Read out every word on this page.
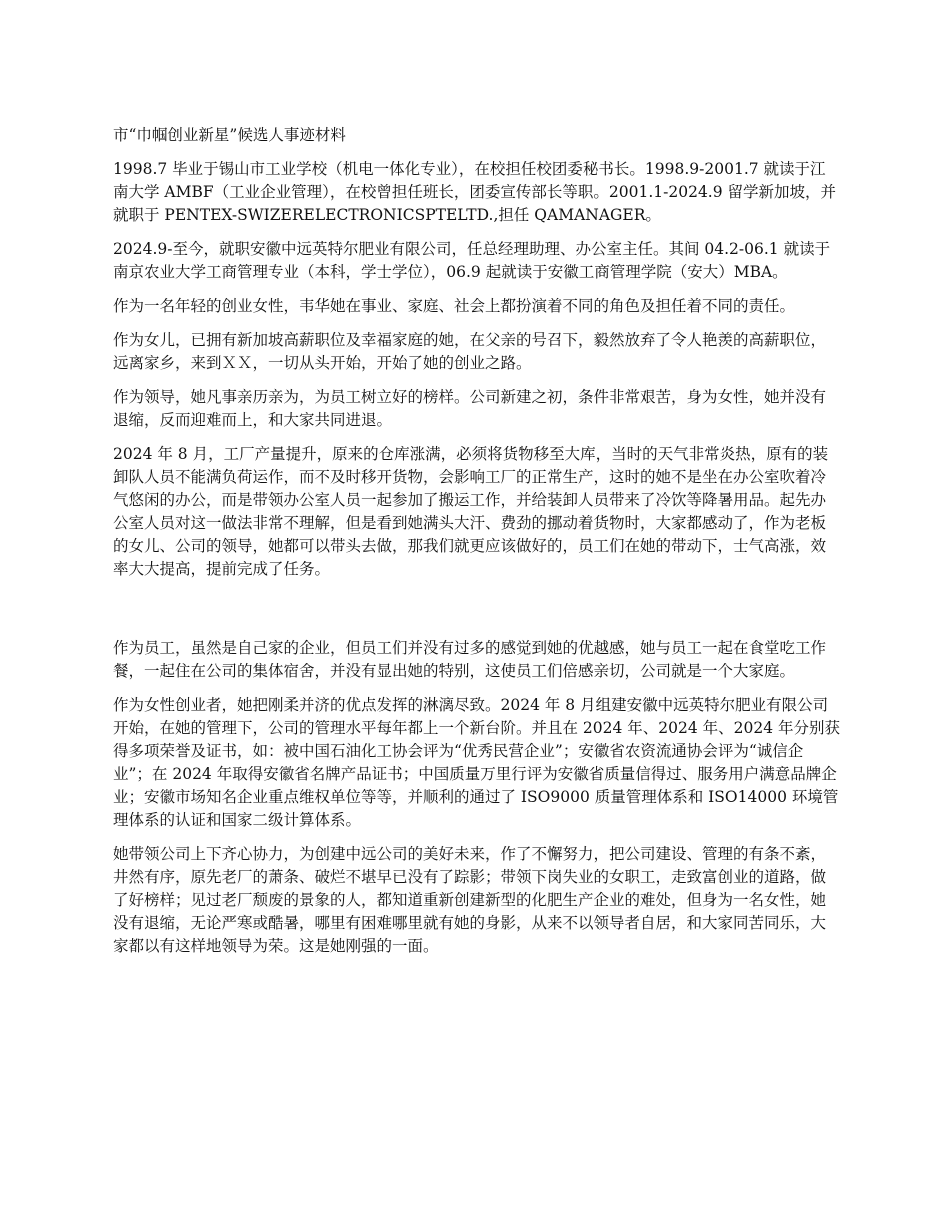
市“巾帼创业新星”候选人事迹材料

1998.7 毕业于锡山市工业学校（机电一体化专业），在校担任校团委秘书长。1998.9-2001.7 就读于江南大学 AMBF（工业企业管理），在校曾担任班长，团委宣传部长等职。2001.1-2024.9 留学新加坡，并就职于 PENTEX-SWIZERELECTRONICSPTELTD.,担任 QAMANAGER。

2024.9-至今，就职安徽中远英特尔肥业有限公司，任总经理助理、办公室主任。其间 04.2-06.1 就读于南京农业大学工商管理专业（本科，学士学位），06.9 起就读于安徽工商管理学院（安大）MBA。

作为一名年轻的创业女性，韦华她在事业、家庭、社会上都扮演着不同的角色及担任着不同的责任。

作为女儿，已拥有新加坡高薪职位及幸福家庭的她，在父亲的号召下，毅然放弃了令人艳羡的高薪职位，远离家乡，来到ＸＸ，一切从头开始，开始了她的创业之路。

作为领导，她凡事亲历亲为，为员工树立好的榜样。公司新建之初，条件非常艰苦，身为女性，她并没有退缩，反而迎难而上，和大家共同进退。

2024 年 8 月，工厂产量提升，原来的仓库涨满，必须将货物移至大库，当时的天气非常炎热，原有的装卸队人员不能满负荷运作，而不及时移开货物，会影响工厂的正常生产，这时的她不是坐在办公室吹着冷气悠闲的办公，而是带领办公室人员一起参加了搬运工作，并给装卸人员带来了冷饮等降暑用品。起先办公室人员对这一做法非常不理解，但是看到她满头大汗、费劲的挪动着货物时，大家都感动了，作为老板的女儿、公司的领导，她都可以带头去做，那我们就更应该做好的，员工们在她的带动下，士气高涨，效率大大提高，提前完成了任务。

作为员工，虽然是自己家的企业，但员工们并没有过多的感觉到她的优越感，她与员工一起在食堂吃工作餐，一起住在公司的集体宿舍，并没有显出她的特别，这使员工们倍感亲切，公司就是一个大家庭。

作为女性创业者，她把刚柔并济的优点发挥的淋漓尽致。2024 年 8 月组建安徽中远英特尔肥业有限公司开始，在她的管理下，公司的管理水平每年都上一个新台阶。并且在 2024 年、2024 年、2024 年分别获得多项荣誉及证书，如：被中国石油化工协会评为“优秀民营企业”；安徽省农资流通协会评为“诚信企业”；在 2024 年取得安徽省名牌产品证书；中国质量万里行评为安徽省质量信得过、服务用户满意品牌企业；安徽市场知名企业重点维权单位等等，并顺利的通过了 ISO9000 质量管理体系和 ISO14000 环境管理体系的认证和国家二级计算体系。

她带领公司上下齐心协力，为创建中远公司的美好未来，作了不懈努力，把公司建设、管理的有条不紊，井然有序，原先老厂的萧条、破烂不堪早已没有了踪影；带领下岗失业的女职工，走致富创业的道路，做了好榜样；见过老厂颓废的景象的人，都知道重新创建新型的化肥生产企业的难处，但身为一名女性，她没有退缩，无论严寒或酷暑，哪里有困难哪里就有她的身影，从来不以领导者自居，和大家同苦同乐，大家都以有这样地领导为荣。这是她刚强的一面。
